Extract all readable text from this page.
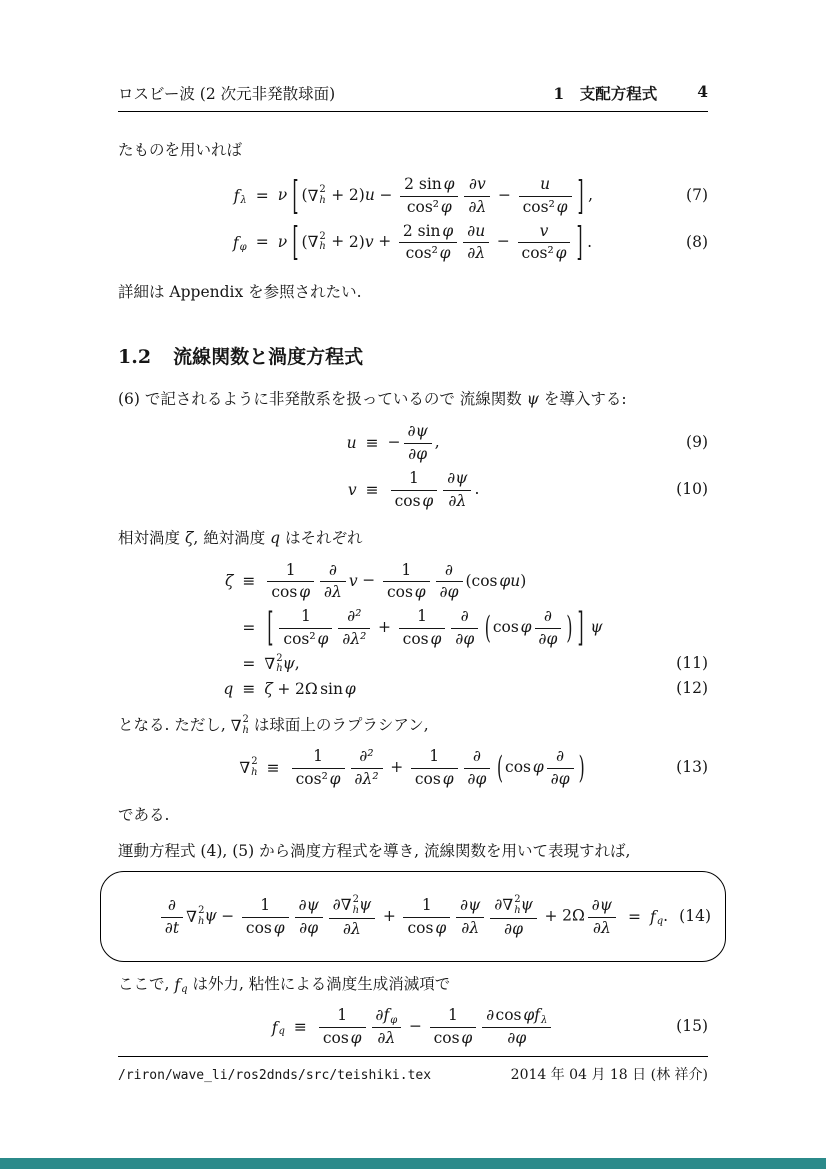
ロスビー波 (2 次元非発散球面)	1　支配方程式	4

たものを用いれば

f λ	=	ν [ ( ∇ 2
$h + 2)u - \frac{\text{2 sin φ}}{\text{cos² φ}} \frac{\partial v}{\partial\lambda} - \frac{u}{\text{cos² φ}}$ ] ,

f φ	=	ν [ ( ∇ 2
$h + 2)v + \frac{\text{2 sin φ}}{\text{cos² φ}} \frac{\partial u}{\partial\lambda} - \frac{v}{\text{cos² φ}}$ ] .
(7)
(8)

詳細は Appendix を参照されたい.

1.2 流線関数と渦度方程式

(6) で記されるように非発散系を扱っているので 流線関数 ψ を導入する:

u	≡	− $\frac{\partial\psi}{\partial\varphi}$ ,
v	≡	$\frac{1}{\text{cos φ}} \frac{\partial\psi}{\partial\lambda}$ .
(9)
(10)

相対渦度 ζ, 絶対渦度 q はそれぞれ

ζ	≡	$\frac{1}{\text{cos φ}} \frac{\partial}{\partial\lambda}$ $v - \frac{1}{\text{cos φ}} \frac{\partial}{\partial\varphi} (\cos$ φu)
	=	[ $\frac{1}{\text{cos² φ}} \frac{\text{∂²}}{\text{∂λ²}} + \frac{1}{\text{cos φ}} \frac{\partial}{\partial\varphi}$ ( cos φ $\frac{\partial}{\partial\varphi}$ ) ] ψ
	=	∇ 2
h ψ,
q	≡	ζ + 2Ω sin φ
(11)
(12)

となる. ただし, ∇ 2
h は球面上のラプラシアン,

∇ 2
h	≡	$\frac{1}{\text{cos² φ}} \frac{\text{∂²}}{\text{∂λ²}} + \frac{1}{\text{cos φ}} \frac{\partial}{\partial\varphi}$ ( cos φ $\frac{\partial}{\partial\varphi}$ )	(13)

である.

運動方程式 (4), (5) から渦度方程式を導き, 流線関数を用いて表現すれば,

$\frac{\partial}{\partial t}$ ∇ 2
h $\psi - \frac{1}{\text{cos φ}} \frac{\partial\psi}{\partial\varphi}$ ∂ ∇ 2
h ψ
$\partial\lambda + \frac{1}{\text{cos φ}} \frac{\partial\psi}{\partial\lambda}$ ∂ ∇ 2
h ψ
$\partial\varphi + 2\Omega \frac{\partial\psi}{\partial\lambda}$	=	f q . (14)

ここで, f q は外力, 粘性による渦度生成消滅項で

f q	≡	$\frac{1}{\text{cos φ}} \frac{\text{∂ f φ}}{\partial\lambda} - \frac{1}{\text{cos φ}} \frac{\text{∂cos φ f λ}}{\partial\varphi}$	(15)
/riron/wave_li/ros2dnds/src/teishiki.tex	2014 年 04 月 18 日 (林 祥介)
